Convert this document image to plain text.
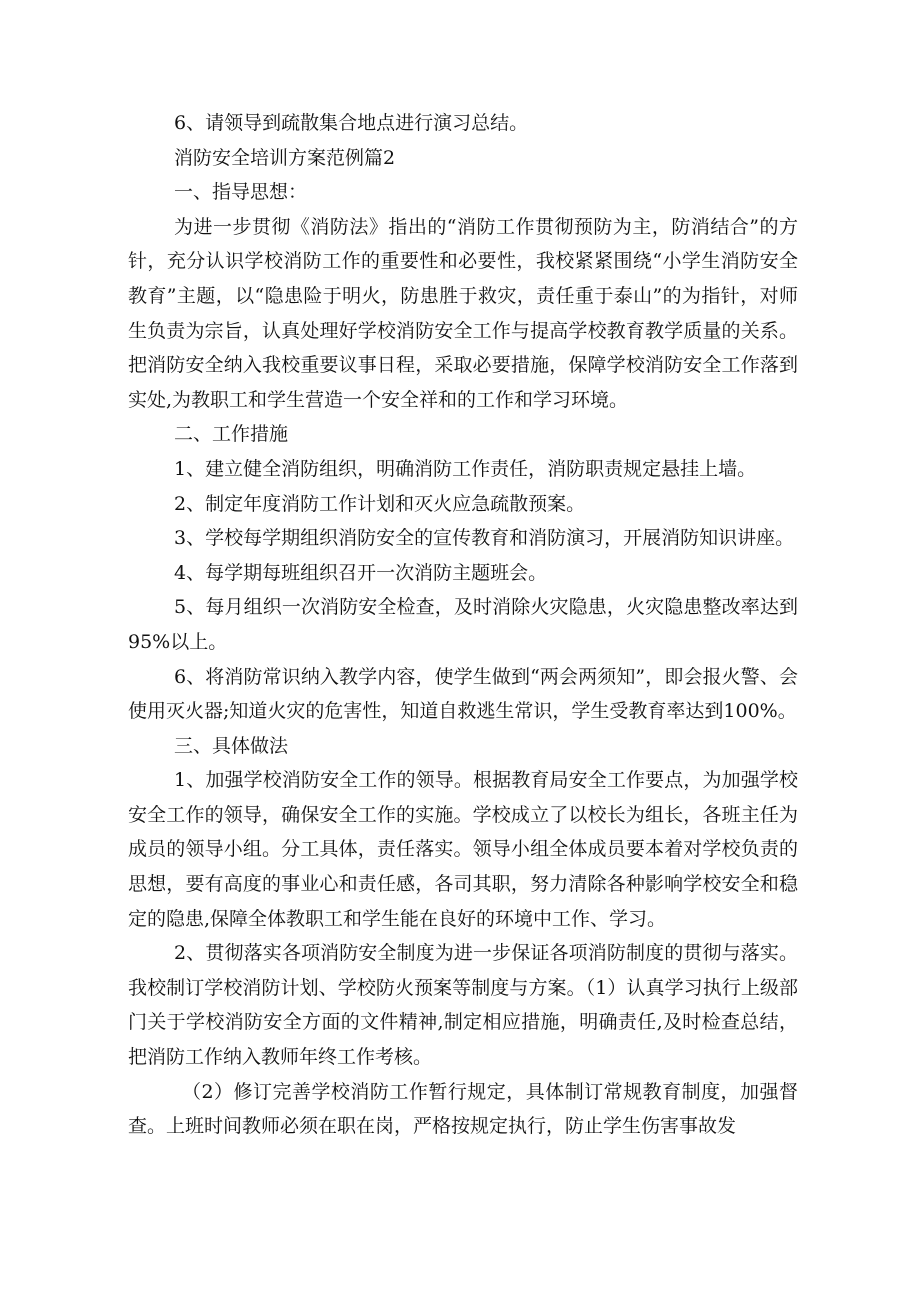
6、请领导到疏散集合地点进行演习总结。

消防安全培训方案范例篇2

一、指导思想：

为进一步贯彻《消防法》指出的“消防工作贯彻预防为主，防消结合”的方针，充分认识学校消防工作的重要性和必要性，我校紧紧围绕“小学生消防安全教育”主题，以“隐患险于明火，防患胜于救灾，责任重于泰山”的为指针，对师生负责为宗旨，认真处理好学校消防安全工作与提高学校教育教学质量的关系。把消防安全纳入我校重要议事日程，采取必要措施，保障学校消防安全工作落到实处,为教职工和学生营造一个安全祥和的工作和学习环境。

二、工作措施

1、建立健全消防组织，明确消防工作责任，消防职责规定悬挂上墙。

2、制定年度消防工作计划和灭火应急疏散预案。

3、学校每学期组织消防安全的宣传教育和消防演习，开展消防知识讲座。

4、每学期每班组织召开一次消防主题班会。

5、每月组织一次消防安全检查，及时消除火灾隐患，火灾隐患整改率达到95%以上。

6、将消防常识纳入教学内容，使学生做到“两会两须知”，即会报火警、会使用灭火器;知道火灾的危害性，知道自救逃生常识，学生受教育率达到100%。

三、具体做法

1、加强学校消防安全工作的领导。根据教育局安全工作要点，为加强学校安全工作的领导，确保安全工作的实施。学校成立了以校长为组长，各班主任为成员的领导小组。分工具体，责任落实。领导小组全体成员要本着对学校负责的思想，要有高度的事业心和责任感，各司其职，努力清除各种影响学校安全和稳定的隐患,保障全体教职工和学生能在良好的环境中工作、学习。

2、贯彻落实各项消防安全制度为进一步保证各项消防制度的贯彻与落实。我校制订学校消防计划、学校防火预案等制度与方案。（1）认真学习执行上级部门关于学校消防安全方面的文件精神,制定相应措施，明确责任,及时检查总结，把消防工作纳入教师年终工作考核。

（2）修订完善学校消防工作暂行规定，具体制订常规教育制度，加强督查。上班时间教师必须在职在岗，严格按规定执行，防止学生伤害事故发
